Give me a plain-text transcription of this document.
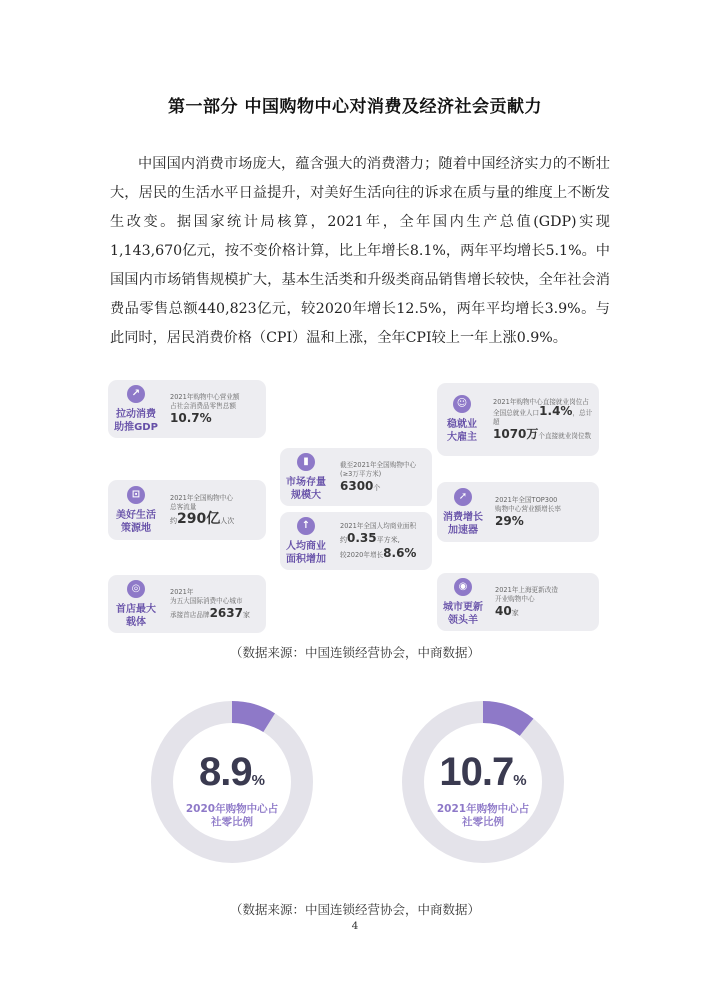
第一部分 中国购物中心对消费及经济社会贡献力
中国国内消费市场庞大，蕴含强大的消费潜力；随着中国经济实力的不断壮大，居民的生活水平日益提升，对美好生活向往的诉求在质与量的维度上不断发生改变。据国家统计局核算，2021年，全年国内生产总值(GDP)实现1,143,670亿元，按不变价格计算，比上年增长8.1%，两年平均增长5.1%。中国国内市场销售规模扩大，基本生活类和升级类商品销售增长较快，全年社会消费品零售总额440,823亿元，较2020年增长12.5%，两年平均增长3.9%。与此同时，居民消费价格（CPI）温和上涨，全年CPI较上一年上涨0.9%。
↗
拉动消费
助推GDP
2021年购物中心营业额
占社会消费品零售总额
10.7%
☺
稳就业
大雇主
2021年购物中心直接就业岗位占
全国总就业人口1.4%，总计超
1070万个直接就业岗位数
▮
市场存量
规模大
截至2021年全国购物中心
(≥3万平方米)
6300个
⊡
美好生活
策源地
2021年全国购物中心
总客流量
约290亿人次	↑
人均商业
面积增加
2021年全国人均商业面积
约0.35平方米,
较2020年增长8.6%
➚
消费增长
加速器
2021年全国TOP300
购物中心营业额增长率
29%
◎
首店最大
载体
2021年
为五大国际消费中心城市
承接首店品牌2637家
◉
城市更新
领头羊
2021年上海更新改造
开业购物中心
40家
（数据来源：中国连锁经营协会，中商数据）
8.9%
2020年购物中心占
社零比例
10.7%
2021年购物中心占
社零比例
（数据来源：中国连锁经营协会，中商数据）
4
